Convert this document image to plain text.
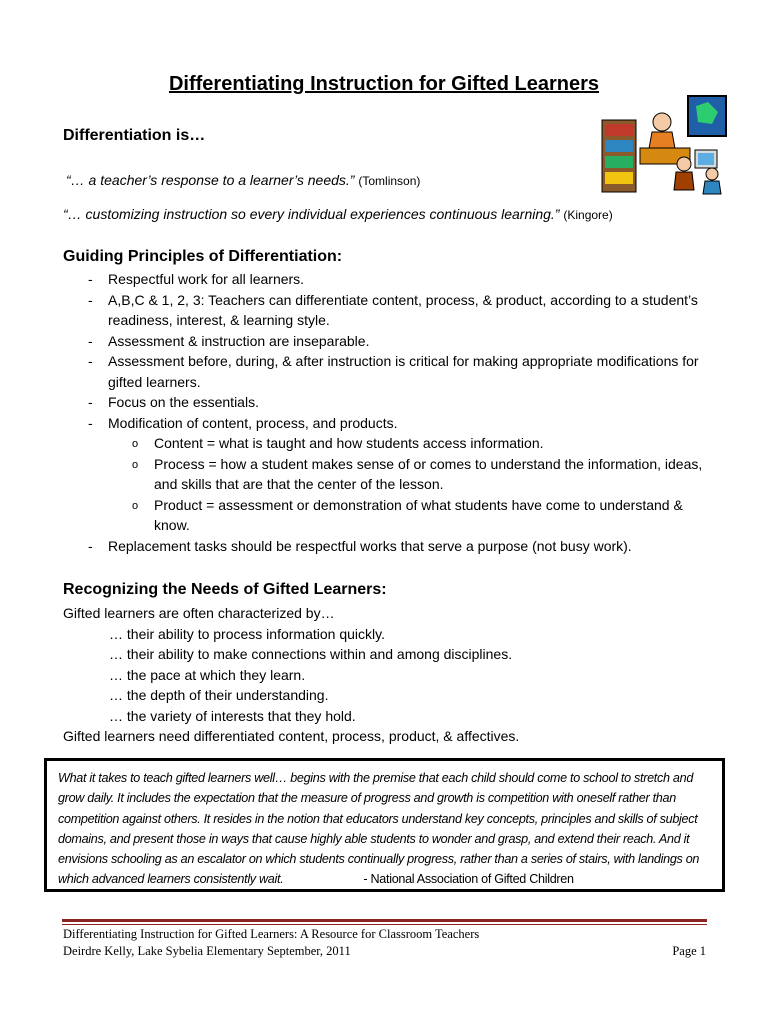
Differentiating Instruction for Gifted Learners
Differentiation is…
“… a teacher’s response to a learner’s needs.” (Tomlinson)
“… customizing instruction so every individual experiences continuous learning.” (Kingore)
Guiding Principles of Differentiation:
- Respectful work for all learners.
- A,B,C & 1, 2, 3: Teachers can differentiate content, process, & product, according to a student’s readiness, interest, & learning style.
- Assessment & instruction are inseparable.
- Assessment before, during, & after instruction is critical for making appropriate modifications for gifted learners.
- Focus on the essentials.
- Modification of content, process, and products.
o Content = what is taught and how students access information.
o Process = how a student makes sense of or comes to understand the information, ideas, and skills that are that the center of the lesson.
o Product = assessment or demonstration of what students have come to understand & know.
- Replacement tasks should be respectful works that serve a purpose (not busy work).
Recognizing the Needs of Gifted Learners:
Gifted learners are often characterized by…
… their ability to process information quickly.
… their ability to make connections within and among disciplines.
… the pace at which they learn.
… the depth of their understanding.
… the variety of interests that they hold.
Gifted learners need differentiated content, process, product, & affectives.
What it takes to teach gifted learners well… begins with the premise that each child should come to school to stretch and grow daily. It includes the expectation that the measure of progress and growth is competition with oneself rather than competition against others. It resides in the notion that educators understand key concepts, principles and skills of subject domains, and present those in ways that cause highly able students to wonder and grasp, and extend their reach. And it envisions schooling as an escalator on which students continually progress, rather than a series of stairs, with landings on which advanced learners consistently wait.	- National Association of Gifted Children
Differentiating Instruction for Gifted Learners: A Resource for Classroom Teachers
Deirdre Kelly, Lake Sybelia Elementary September, 2011	Page 1
